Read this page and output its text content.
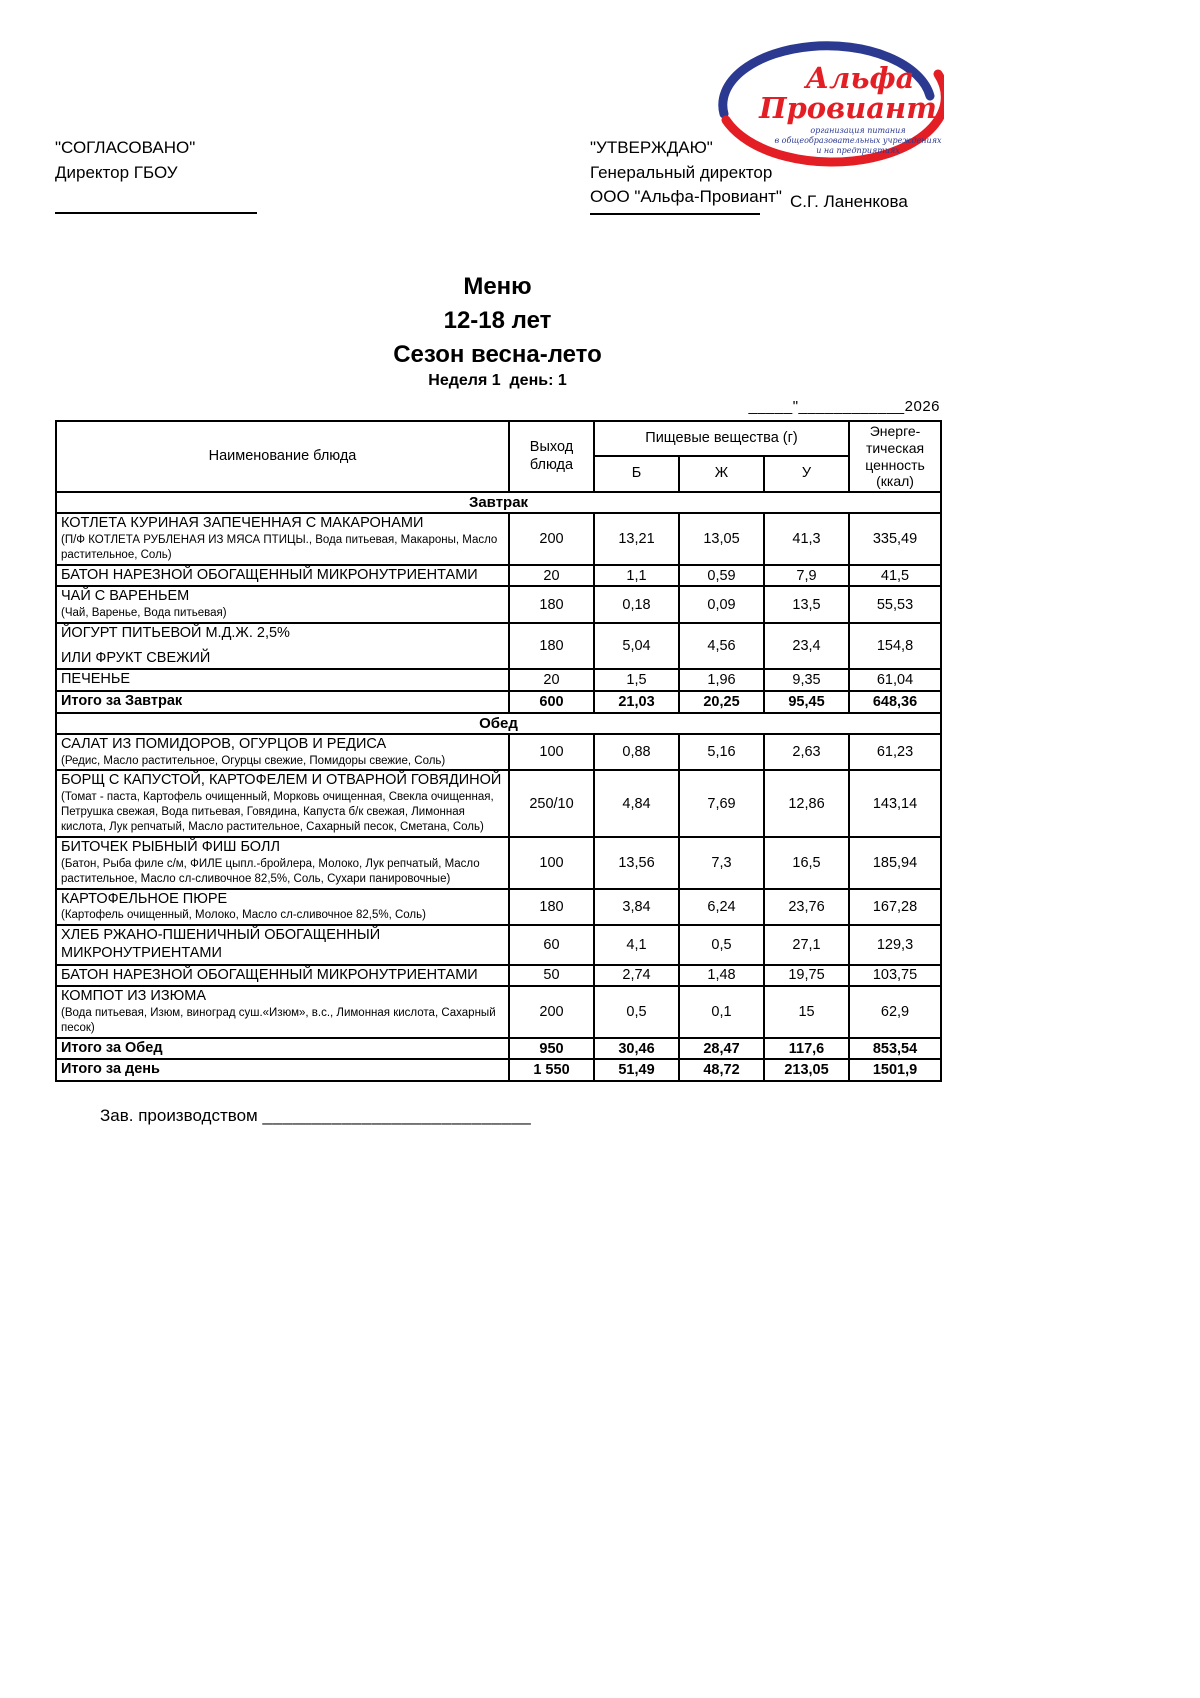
"СОГЛАСОВАНО"
Директор ГБОУ
"УТВЕРЖДАЮ"
Генеральный директор
ООО "Альфа-Провиант" С.Г. Ланенкова
Альфа
Провиант
организация питания
в общеобразовательных учреждениях
и на предприятиях
Меню
12-18 лет
Сезон весна-лето
Неделя 1  день: 1
_____"____________2026
Наименование блюда	Выход блюда	Пищевые вещества (г)			Энерге-тическая ценность (ккал)
		Б	Ж	У	
Завтрак					

КОТЛЕТА КУРИНАЯ ЗАПЕЧЕННАЯ С МАКАРОНАМИ
(П/Ф КОТЛЕТА РУБЛЕНАЯ ИЗ МЯСА ПТИЦЫ., Вода питьевая, Макароны, Масло растительное, Соль)	200	13,21	13,05	41,3	335,49

БАТОН НАРЕЗНОЙ ОБОГАЩЕННЫЙ МИКРОНУТРИЕНТАМИ	20	1,1	0,59	7,9	41,5

ЧАЙ С ВАРЕНЬЕМ
(Чай, Варенье, Вода питьевая)	180	0,18	0,09	13,5	55,53

ЙОГУРТ ПИТЬЕВОЙ М.Д.Ж. 2,5%
ИЛИ ФРУКТ СВЕЖИЙ	180	5,04	4,56	23,4	154,8

ПЕЧЕНЬЕ	20	1,5	1,96	9,35	61,04

Итого за Завтрак	600	21,03	20,25	95,45	648,36
Обед					

САЛАТ ИЗ ПОМИДОРОВ, ОГУРЦОВ И РЕДИСА
(Редис, Масло растительное, Огурцы свежие, Помидоры свежие, Соль)	100	0,88	5,16	2,63	61,23

БОРЩ С КАПУСТОЙ, КАРТОФЕЛЕМ И ОТВАРНОЙ ГОВЯДИНОЙ
(Томат - паста, Картофель очищенный, Морковь очищенная, Свекла очищенная, Петрушка свежая, Вода питьевая, Говядина, Капуста б/к свежая, Лимонная кислота, Лук репчатый, Масло растительное, Сахарный песок, Сметана, Соль)	250/10	4,84	7,69	12,86	143,14

БИТОЧЕК РЫБНЫЙ ФИШ БОЛЛ
(Батон, Рыба филе с/м, ФИЛЕ цыпл.-бройлера, Молоко, Лук репчатый, Масло растительное, Масло сл-сливочное 82,5%, Соль, Сухари панировочные)	100	13,56	7,3	16,5	185,94

КАРТОФЕЛЬНОЕ ПЮРЕ
(Картофель очищенный, Молоко, Масло сл-сливочное 82,5%, Соль)	180	3,84	6,24	23,76	167,28

ХЛЕБ РЖАНО-ПШЕНИЧНЫЙ ОБОГАЩЕННЫЙ МИКРОНУТРИЕНТАМИ	60	4,1	0,5	27,1	129,3

БАТОН НАРЕЗНОЙ ОБОГАЩЕННЫЙ МИКРОНУТРИЕНТАМИ	50	2,74	1,48	19,75	103,75

КОМПОТ ИЗ ИЗЮМА
(Вода питьевая, Изюм, виноград суш.«Изюм», в.с., Лимонная кислота, Сахарный песок)	200	0,5	0,1	15	62,9

Итого за Обед	950	30,46	28,47	117,6	853,54

Итого за день	1 550	51,49	48,72	213,05	1501,9
Зав. производством ___________________________
